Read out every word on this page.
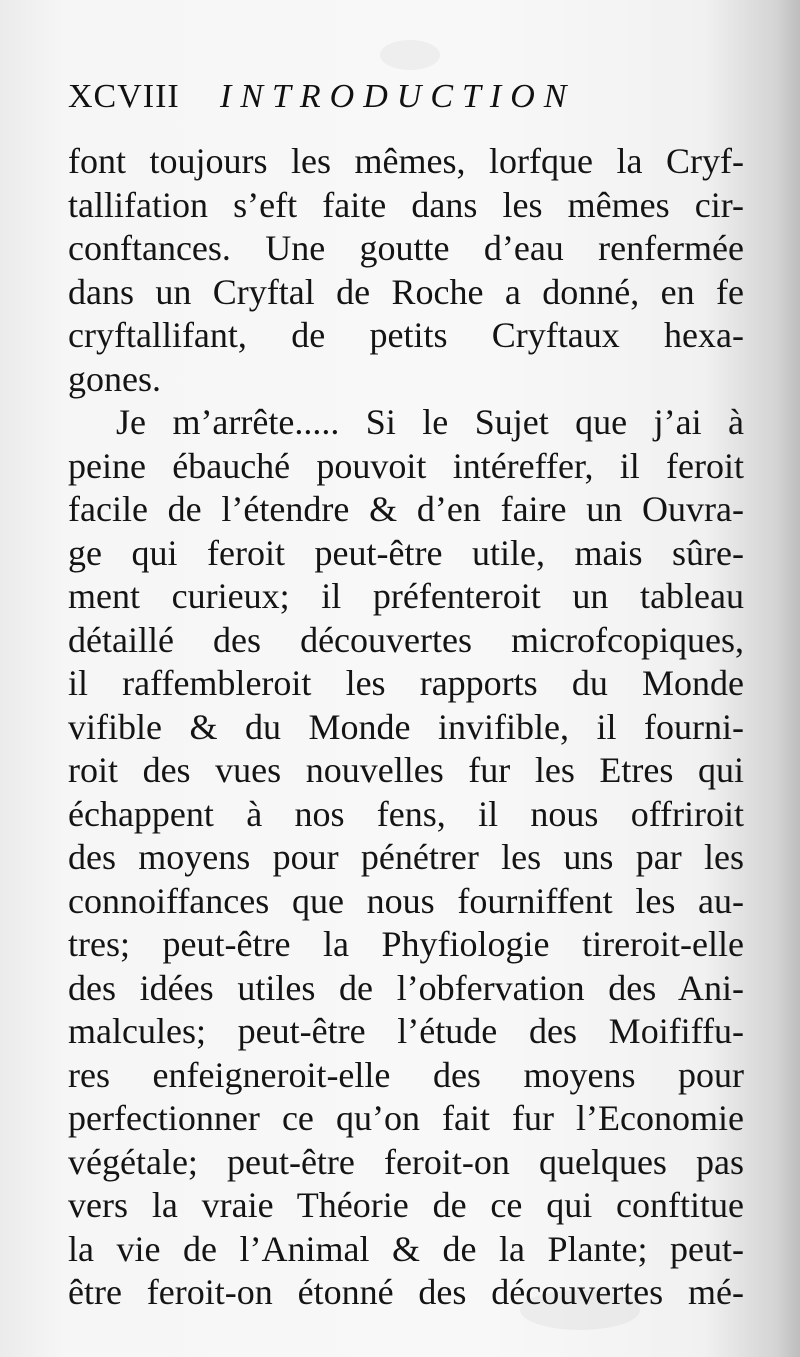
XCVIII INTRODUCTION
font toujours les mêmes, lorfque la Cryf-
tallifation s’eft faite dans les mêmes cir-
conftances. Une goutte d’eau renfermée
dans un Cryftal de Roche a donné, en fe
cryftallifant, de petits Cryftaux hexa-
gones.
Je m’arrête..... Si le Sujet que j’ai à
peine ébauché pouvoit intéreffer, il feroit
facile de l’étendre & d’en faire un Ouvra-
ge qui feroit peut-être utile, mais sûre-
ment curieux; il préfenteroit un tableau
détaillé des découvertes microfcopiques,
il raffembleroit les rapports du Monde
vifible & du Monde invifible, il fourni-
roit des vues nouvelles fur les Etres qui
échappent à nos fens, il nous offriroit
des moyens pour pénétrer les uns par les
connoiffances que nous fourniffent les au-
tres; peut-être la Phyfiologie tireroit-elle
des idées utiles de l’obfervation des Ani-
malcules; peut-être l’étude des Moififfu-
res enfeigneroit-elle des moyens pour
perfectionner ce qu’on fait fur l’Economie
végétale; peut-être feroit-on quelques pas
vers la vraie Théorie de ce qui conftitue
la vie de l’Animal & de la Plante; peut-
être feroit-on étonné des découvertes mé-
